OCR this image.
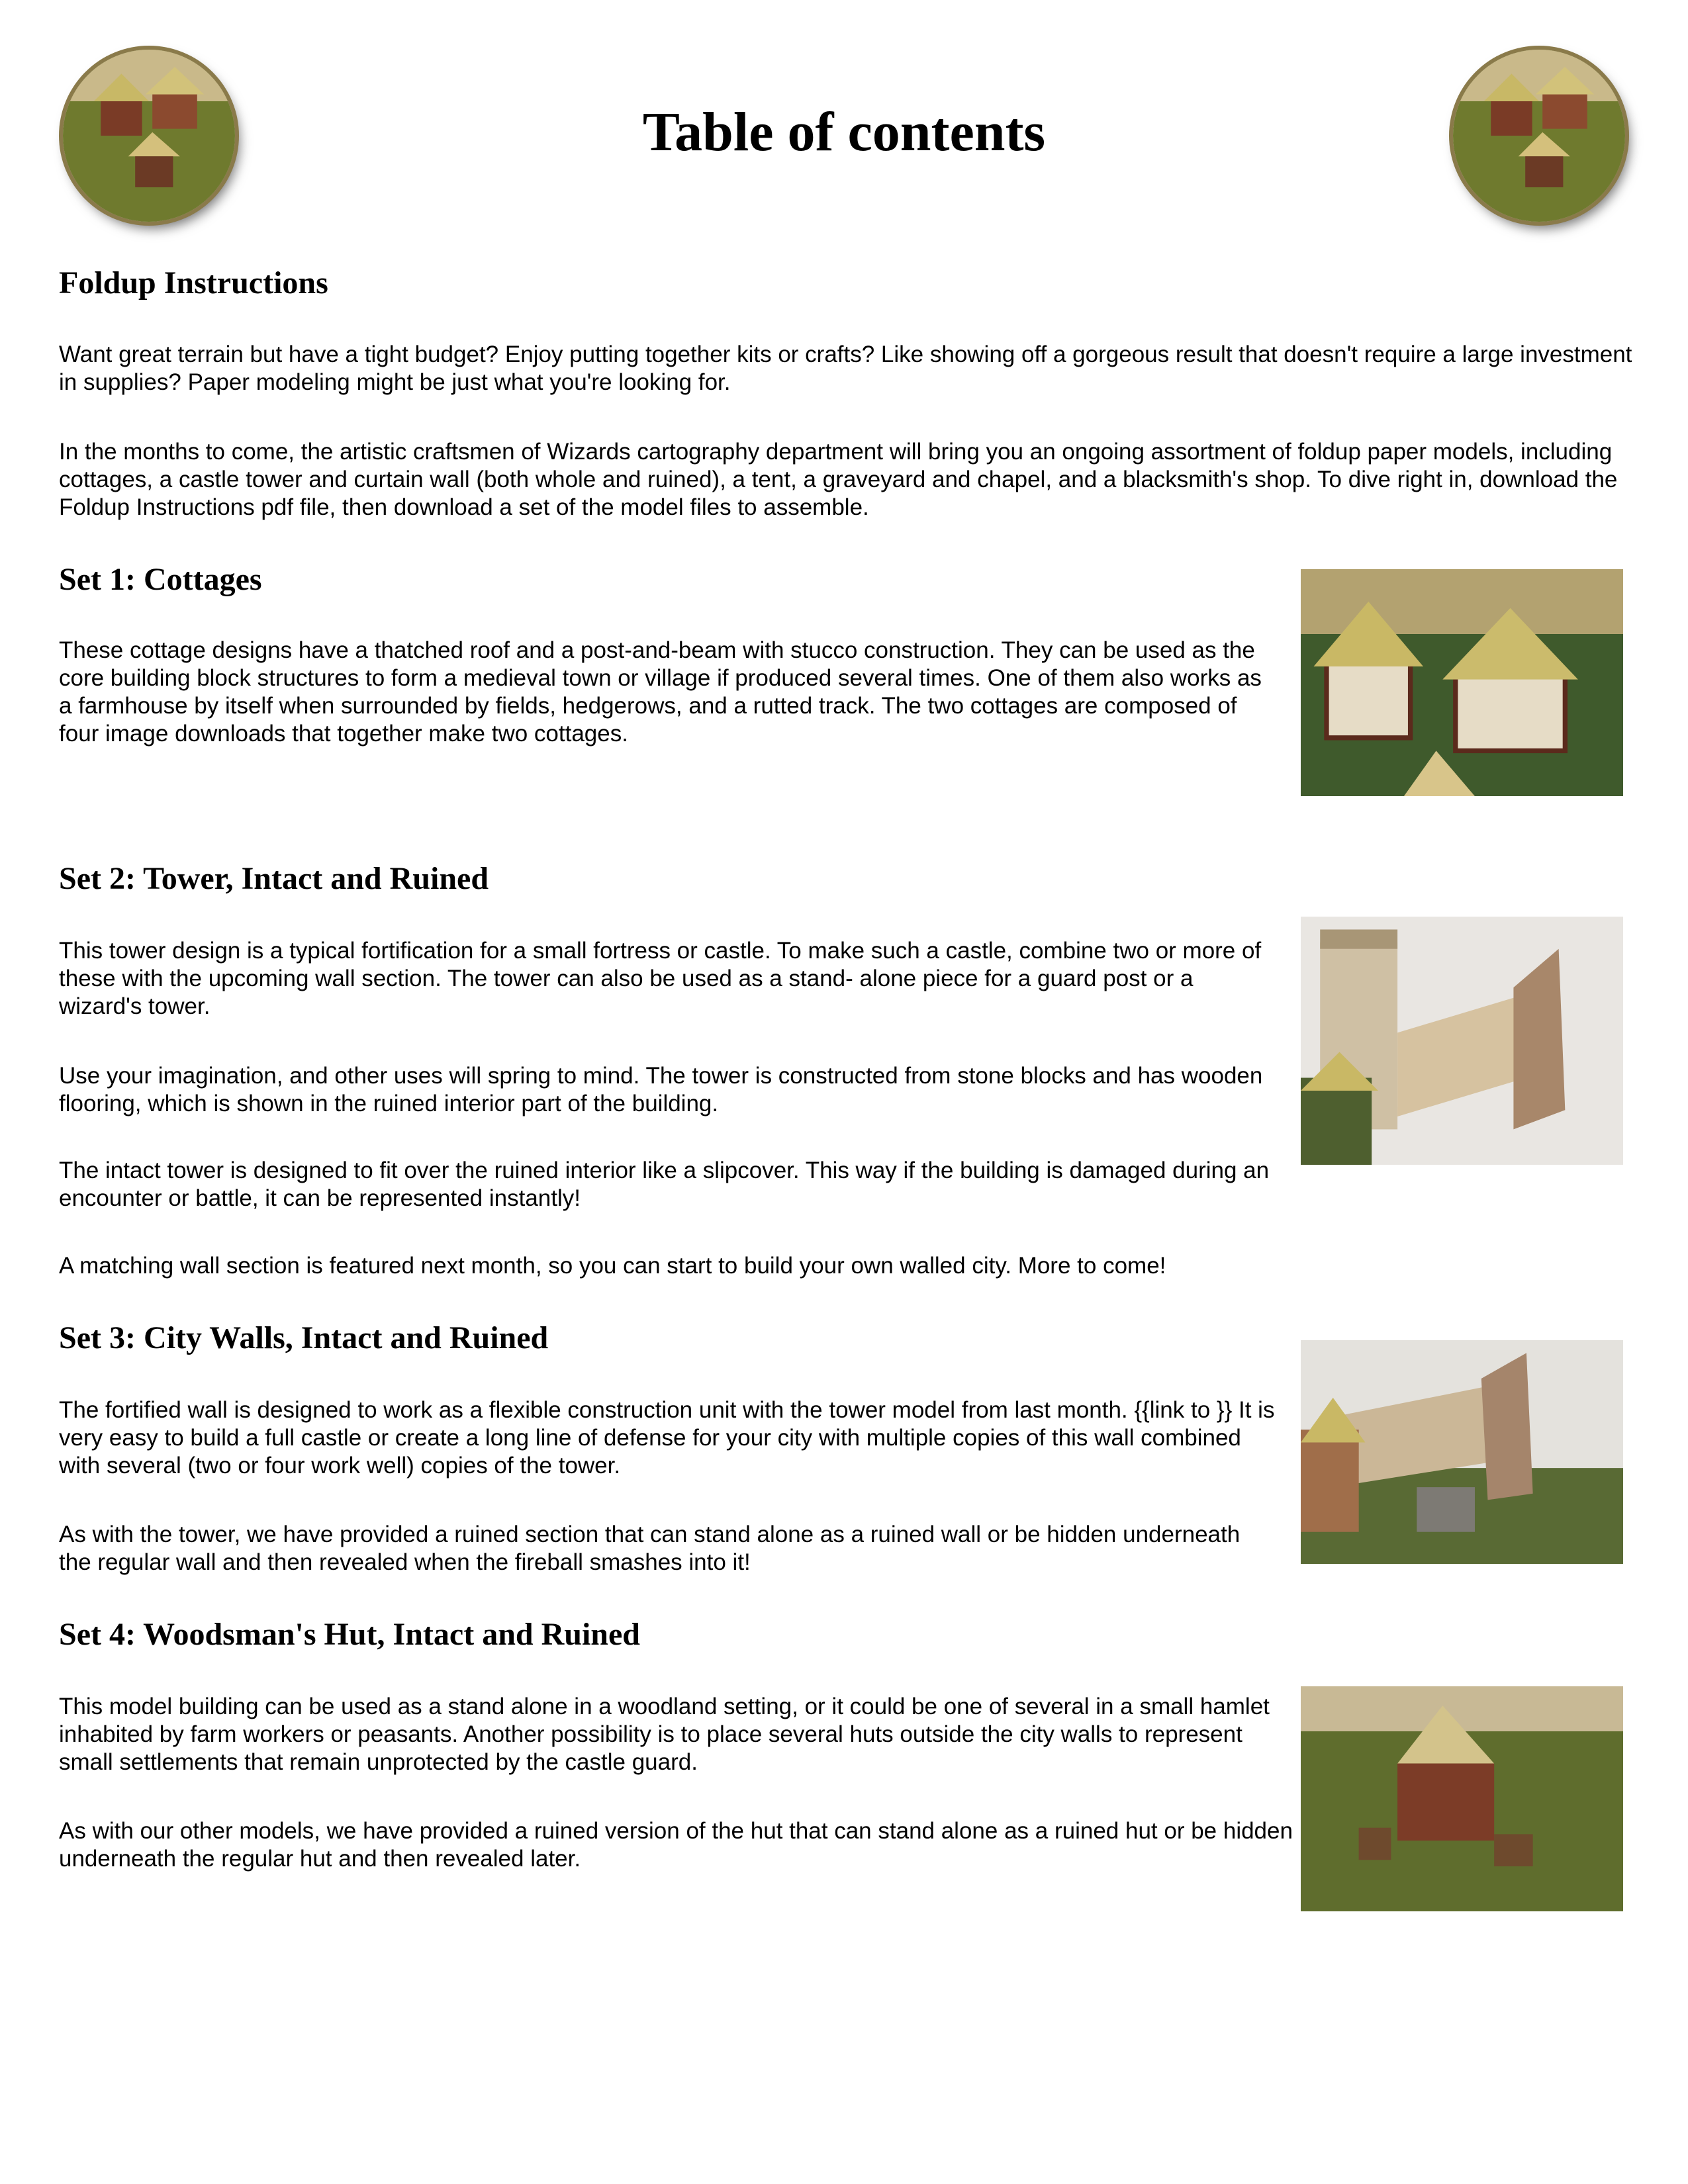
Table of contents
Foldup Instructions

Want great terrain but have a tight budget? Enjoy putting together kits or crafts? Like showing off a gorgeous result that doesn't require a large investment in supplies? Paper modeling might be just what you're looking for.

In the months to come, the artistic craftsmen of Wizards cartography department will bring you an ongoing assortment of foldup paper models, including cottages, a castle tower and curtain wall (both whole and ruined), a tent, a graveyard and chapel, and a blacksmith's shop. To dive right in, download the Foldup Instructions pdf file, then download a set of the model files to assemble.

Set 1: Cottages

These cottage designs have a thatched roof and a post-and-beam with stucco construction. They can be used as the core building block structures to form a medieval town or village if produced several times. One of them also works as a farmhouse by itself when surrounded by fields, hedgerows, and a rutted track. The two cottages are composed of four image downloads that together make two cottages.

Set 2: Tower, Intact and Ruined

This tower design is a typical fortification for a small fortress or castle. To make such a castle, combine two or more of these with the upcoming wall section. The tower can also be used as a stand- alone piece for a guard post or a wizard's tower.

Use your imagination, and other uses will spring to mind. The tower is constructed from stone blocks and has wooden flooring, which is shown in the ruined interior part of the building.

The intact tower is designed to fit over the ruined interior like a slipcover. This way if the building is damaged during an encounter or battle, it can be represented instantly!

A matching wall section is featured next month, so you can start to build your own walled city. More to come!

Set 3: City Walls, Intact and Ruined

The fortified wall is designed to work as a flexible construction unit with the tower model from last month. {{link to }} It is very easy to build a full castle or create a long line of defense for your city with multiple copies of this wall combined with several (two or four work well) copies of the tower.

As with the tower, we have provided a ruined section that can stand alone as a ruined wall or be hidden underneath the regular wall and then revealed when the fireball smashes into it!

Set 4: Woodsman's Hut, Intact and Ruined

This model building can be used as a stand alone in a woodland setting, or it could be one of several in a small hamlet inhabited by farm workers or peasants. Another possibility is to place several huts outside the city walls to represent small settlements that remain unprotected by the castle guard.

As with our other models, we have provided a ruined version of the hut that can stand alone as a ruined hut or be hidden underneath the regular hut and then revealed later.
